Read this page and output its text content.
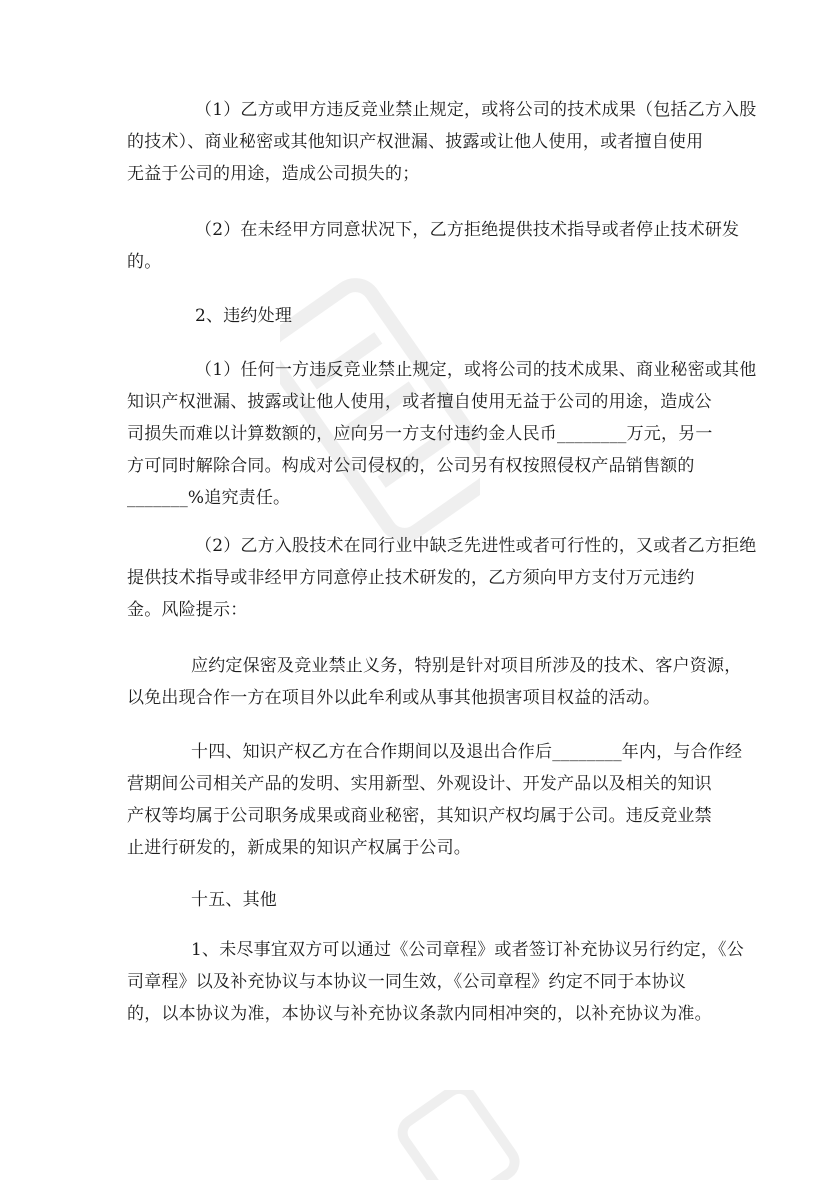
（1）乙方或甲方违反竞业禁止规定，或将公司的技术成果（包括乙方入股
的技术）、商业秘密或其他知识产权泄漏、披露或让他人使用，或者擅自使用
无益于公司的用途，造成公司损失的；
（2）在未经甲方同意状况下，乙方拒绝提供技术指导或者停止技术研发
的。
2、违约处理
（1）任何一方违反竞业禁止规定，或将公司的技术成果、商业秘密或其他
知识产权泄漏、披露或让他人使用，或者擅自使用无益于公司的用途，造成公
司损失而难以计算数额的，应向另一方支付违约金人民币________万元，另一
方可同时解除合同。构成对公司侵权的，公司另有权按照侵权产品销售额的
_______%追究责任。
（2）乙方入股技术在同行业中缺乏先进性或者可行性的，又或者乙方拒绝
提供技术指导或非经甲方同意停止技术研发的，乙方须向甲方支付万元违约
金。风险提示：
应约定保密及竞业禁止义务，特别是针对项目所涉及的技术、客户资源，
以免出现合作一方在项目外以此牟利或从事其他损害项目权益的活动。
十四、知识产权乙方在合作期间以及退出合作后________年内，与合作经
营期间公司相关产品的发明、实用新型、外观设计、开发产品以及相关的知识
产权等均属于公司职务成果或商业秘密，其知识产权均属于公司。违反竞业禁
止进行研发的，新成果的知识产权属于公司。
十五、其他
1、未尽事宜双方可以通过《公司章程》或者签订补充协议另行约定，《公
司章程》以及补充协议与本协议一同生效，《公司章程》约定不同于本协议
的，以本协议为准，本协议与补充协议条款内同相冲突的，以补充协议为准。
